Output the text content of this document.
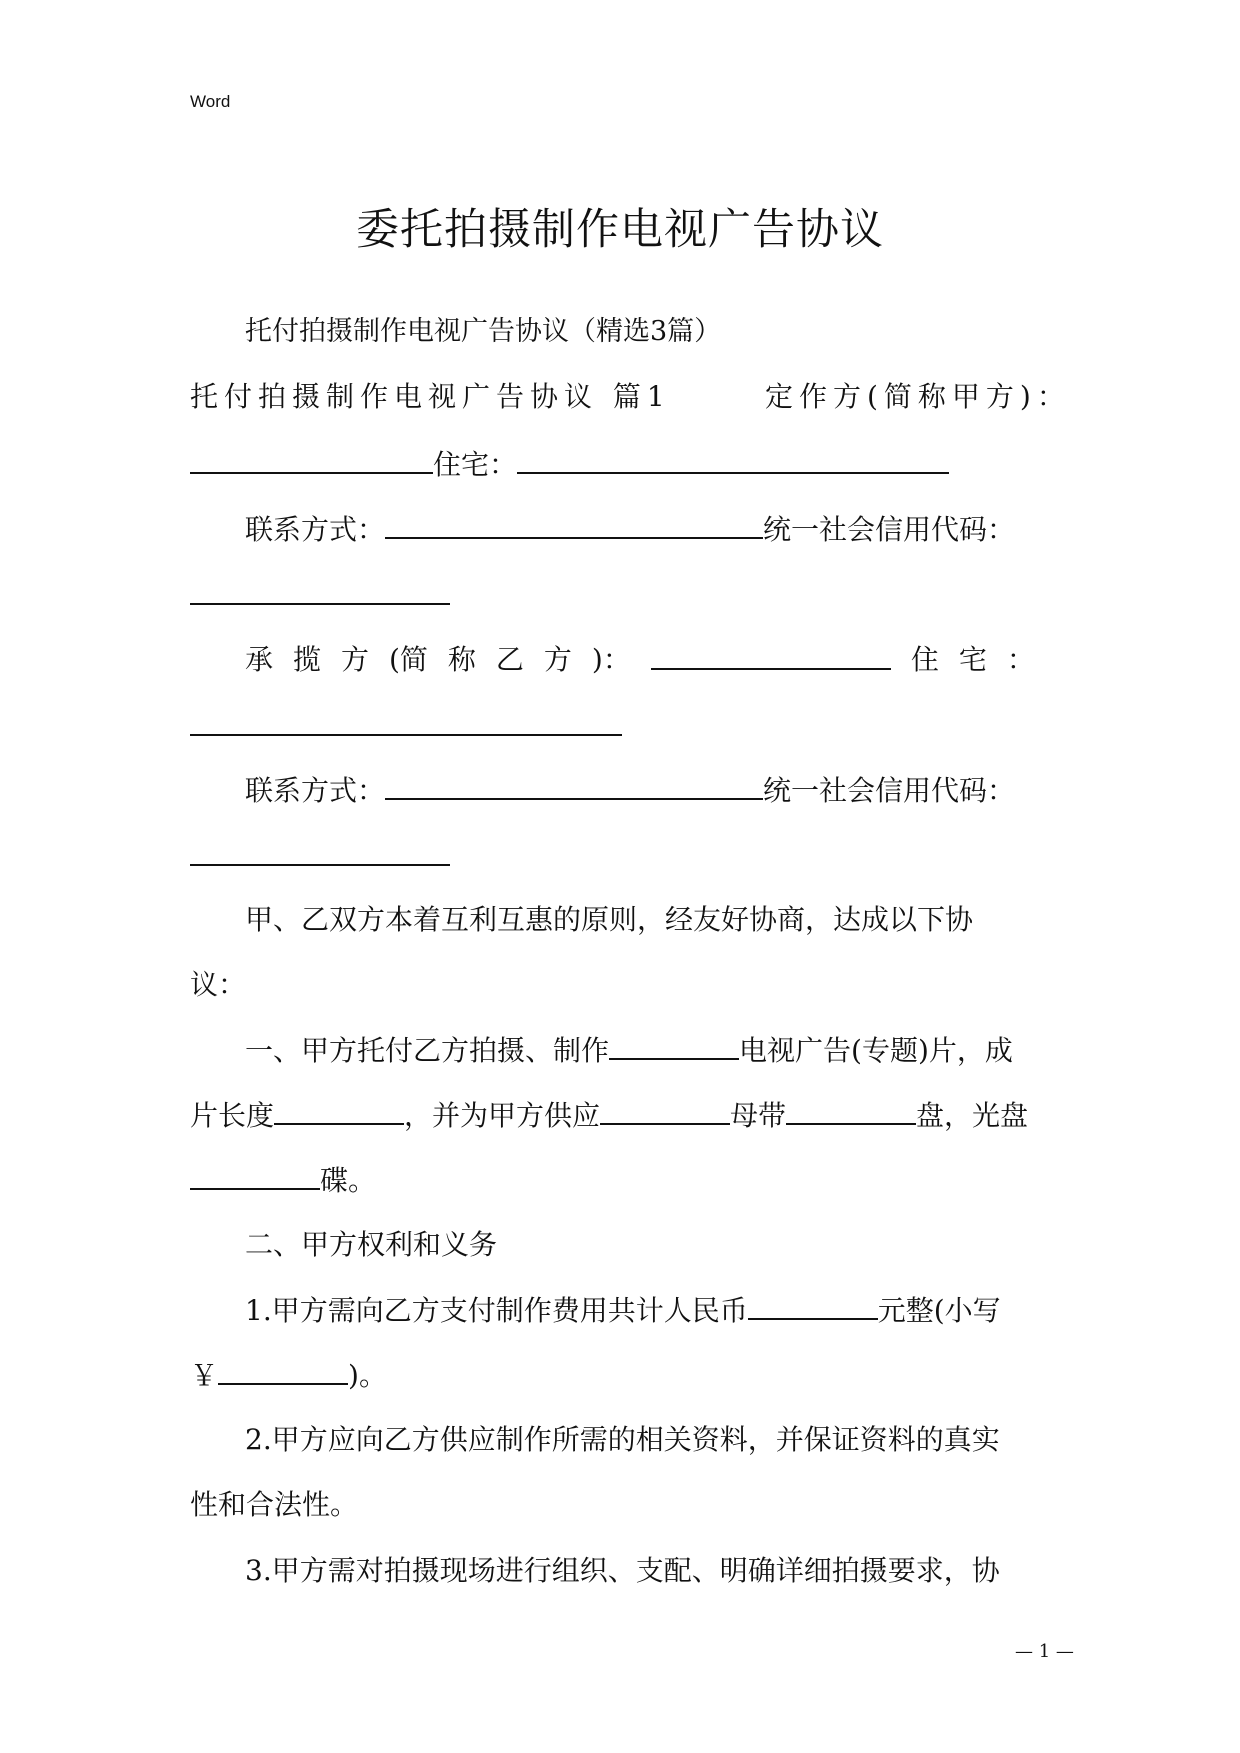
Word
委托拍摄制作电视广告协议
托付拍摄制作电视广告协议（精选3篇）
托付拍摄制作电视广告协议 篇1	定作方(简称甲方)：
住宅：
联系方式：	统一社会信用代码：
承 揽 方 (简 称 乙 方 )：	住 宅 ：
联系方式：	统一社会信用代码：
甲、乙双方本着互利互惠的原则，经友好协商，达成以下协
议：
一、甲方托付乙方拍摄、制作	电视广告(专题)片，成
片长度	，并为甲方供应	母带	盘，光盘
碟。
二、甲方权利和义务
1.甲方需向乙方支付制作费用共计人民币	元整(小写
￥	)。
2.甲方应向乙方供应制作所需的相关资料，并保证资料的真实
性和合法性。
3.甲方需对拍摄现场进行组织、支配、明确详细拍摄要求，协
— 1 —
